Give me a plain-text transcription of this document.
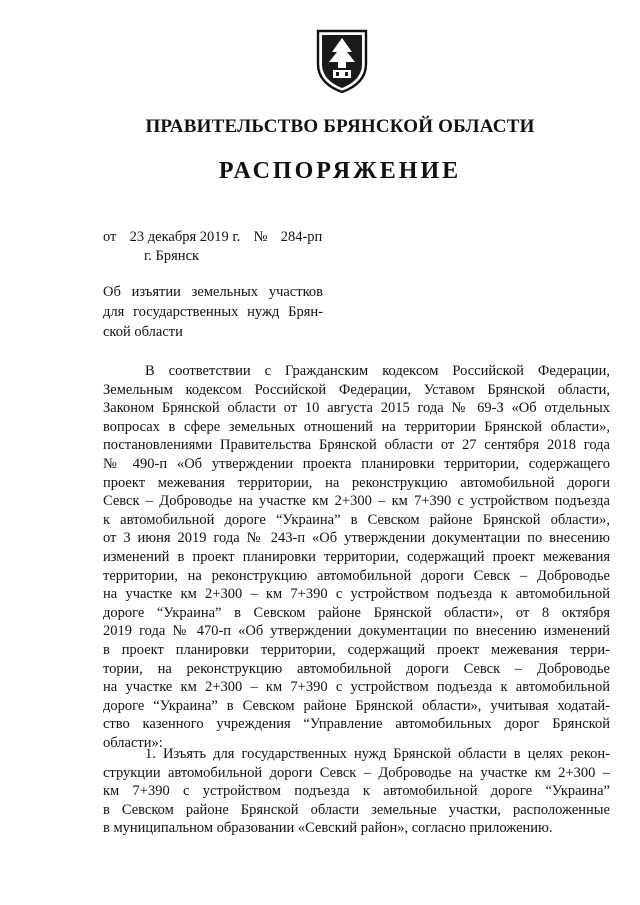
ПРАВИТЕЛЬСТВО БРЯНСКОЙ ОБЛАСТИ
РАСПОРЯЖЕНИЕ
от 23 декабря 2019 г. № 284-рп
г. Брянск
Об изъятии земельных участков
для государственных нужд Брян-
ской области
В соответствии с Гражданским кодексом Российской Федерации,
Земельным кодексом Российской Федерации, Уставом Брянской области,
Законом Брянской области от 10 августа 2015 года № 69-З «Об отдельных
вопросах в сфере земельных отношений на территории Брянской области»,
постановлениями Правительства Брянской области от 27 сентября 2018 года
№ 490-п «Об утверждении проекта планировки территории, содержащего
проект межевания территории, на реконструкцию автомобильной дороги
Севск – Доброводье на участке км 2+300 – км 7+390 с устройством подъезда
к автомобильной дороге “Украина” в Севском районе Брянской области»,
от 3 июня 2019 года № 243-п «Об утверждении документации по внесению
изменений в проект планировки территории, содержащий проект межевания
территории, на реконструкцию автомобильной дороги Севск – Доброводье
на участке км 2+300 – км 7+390 с устройством подъезда к автомобильной
дороге “Украина” в Севском районе Брянской области», от 8 октября
2019 года № 470-п «Об утверждении документации по внесению изменений
в проект планировки территории, содержащий проект межевания терри-
тории, на реконструкцию автомобильной дороги Севск – Доброводье
на участке км 2+300 – км 7+390 с устройством подъезда к автомобильной
дороге “Украина” в Севском районе Брянской области», учитывая ходатай-
ство казенного учреждения “Управление автомобильных дорог Брянской
области»:
1. Изъять для государственных нужд Брянской области в целях рекон-
струкции автомобильной дороги Севск – Доброводье на участке км 2+300 –
км 7+390 с устройством подъезда к автомобильной дороге “Украина”
в Севском районе Брянской области земельные участки, расположенные
в муниципальном образовании «Севский район», согласно приложению.
